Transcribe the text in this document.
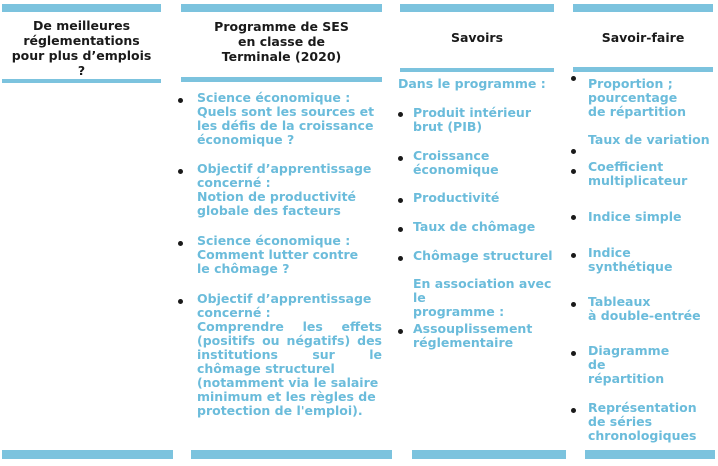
De meilleures
réglementations
pour plus d’emplois
?
Programme de SES
en classe de
Terminale (2020)
Savoirs	Savoir-faire
Science économique :
Quels sont les sources et
les défis de la croissance
économique ?
Objectif d’apprentissage
concerné :
Notion de productivité
globale des facteurs
Science économique :
Comment lutter contre
le chômage ?
Objectif d’apprentissage
concerné :
Comprendre les effets
(positifs ou négatifs) des
institutions sur le
chômage structurel
(notamment via le salaire
minimum et les règles de
protection de l'emploi).
Dans le programme :
Produit intérieur
brut (PIB)
Croissance
économique
Productivité
Taux de chômage
Chômage structurel
En association avec le
programme :
Assouplissement
réglementaire
Proportion ;
pourcentage
de répartition
Taux de variation
Coefficient
multiplicateur
Indice simple
Indice
synthétique
Tableaux
à double-entrée
Diagramme
de
répartition
Représentation
de séries
chronologiques
